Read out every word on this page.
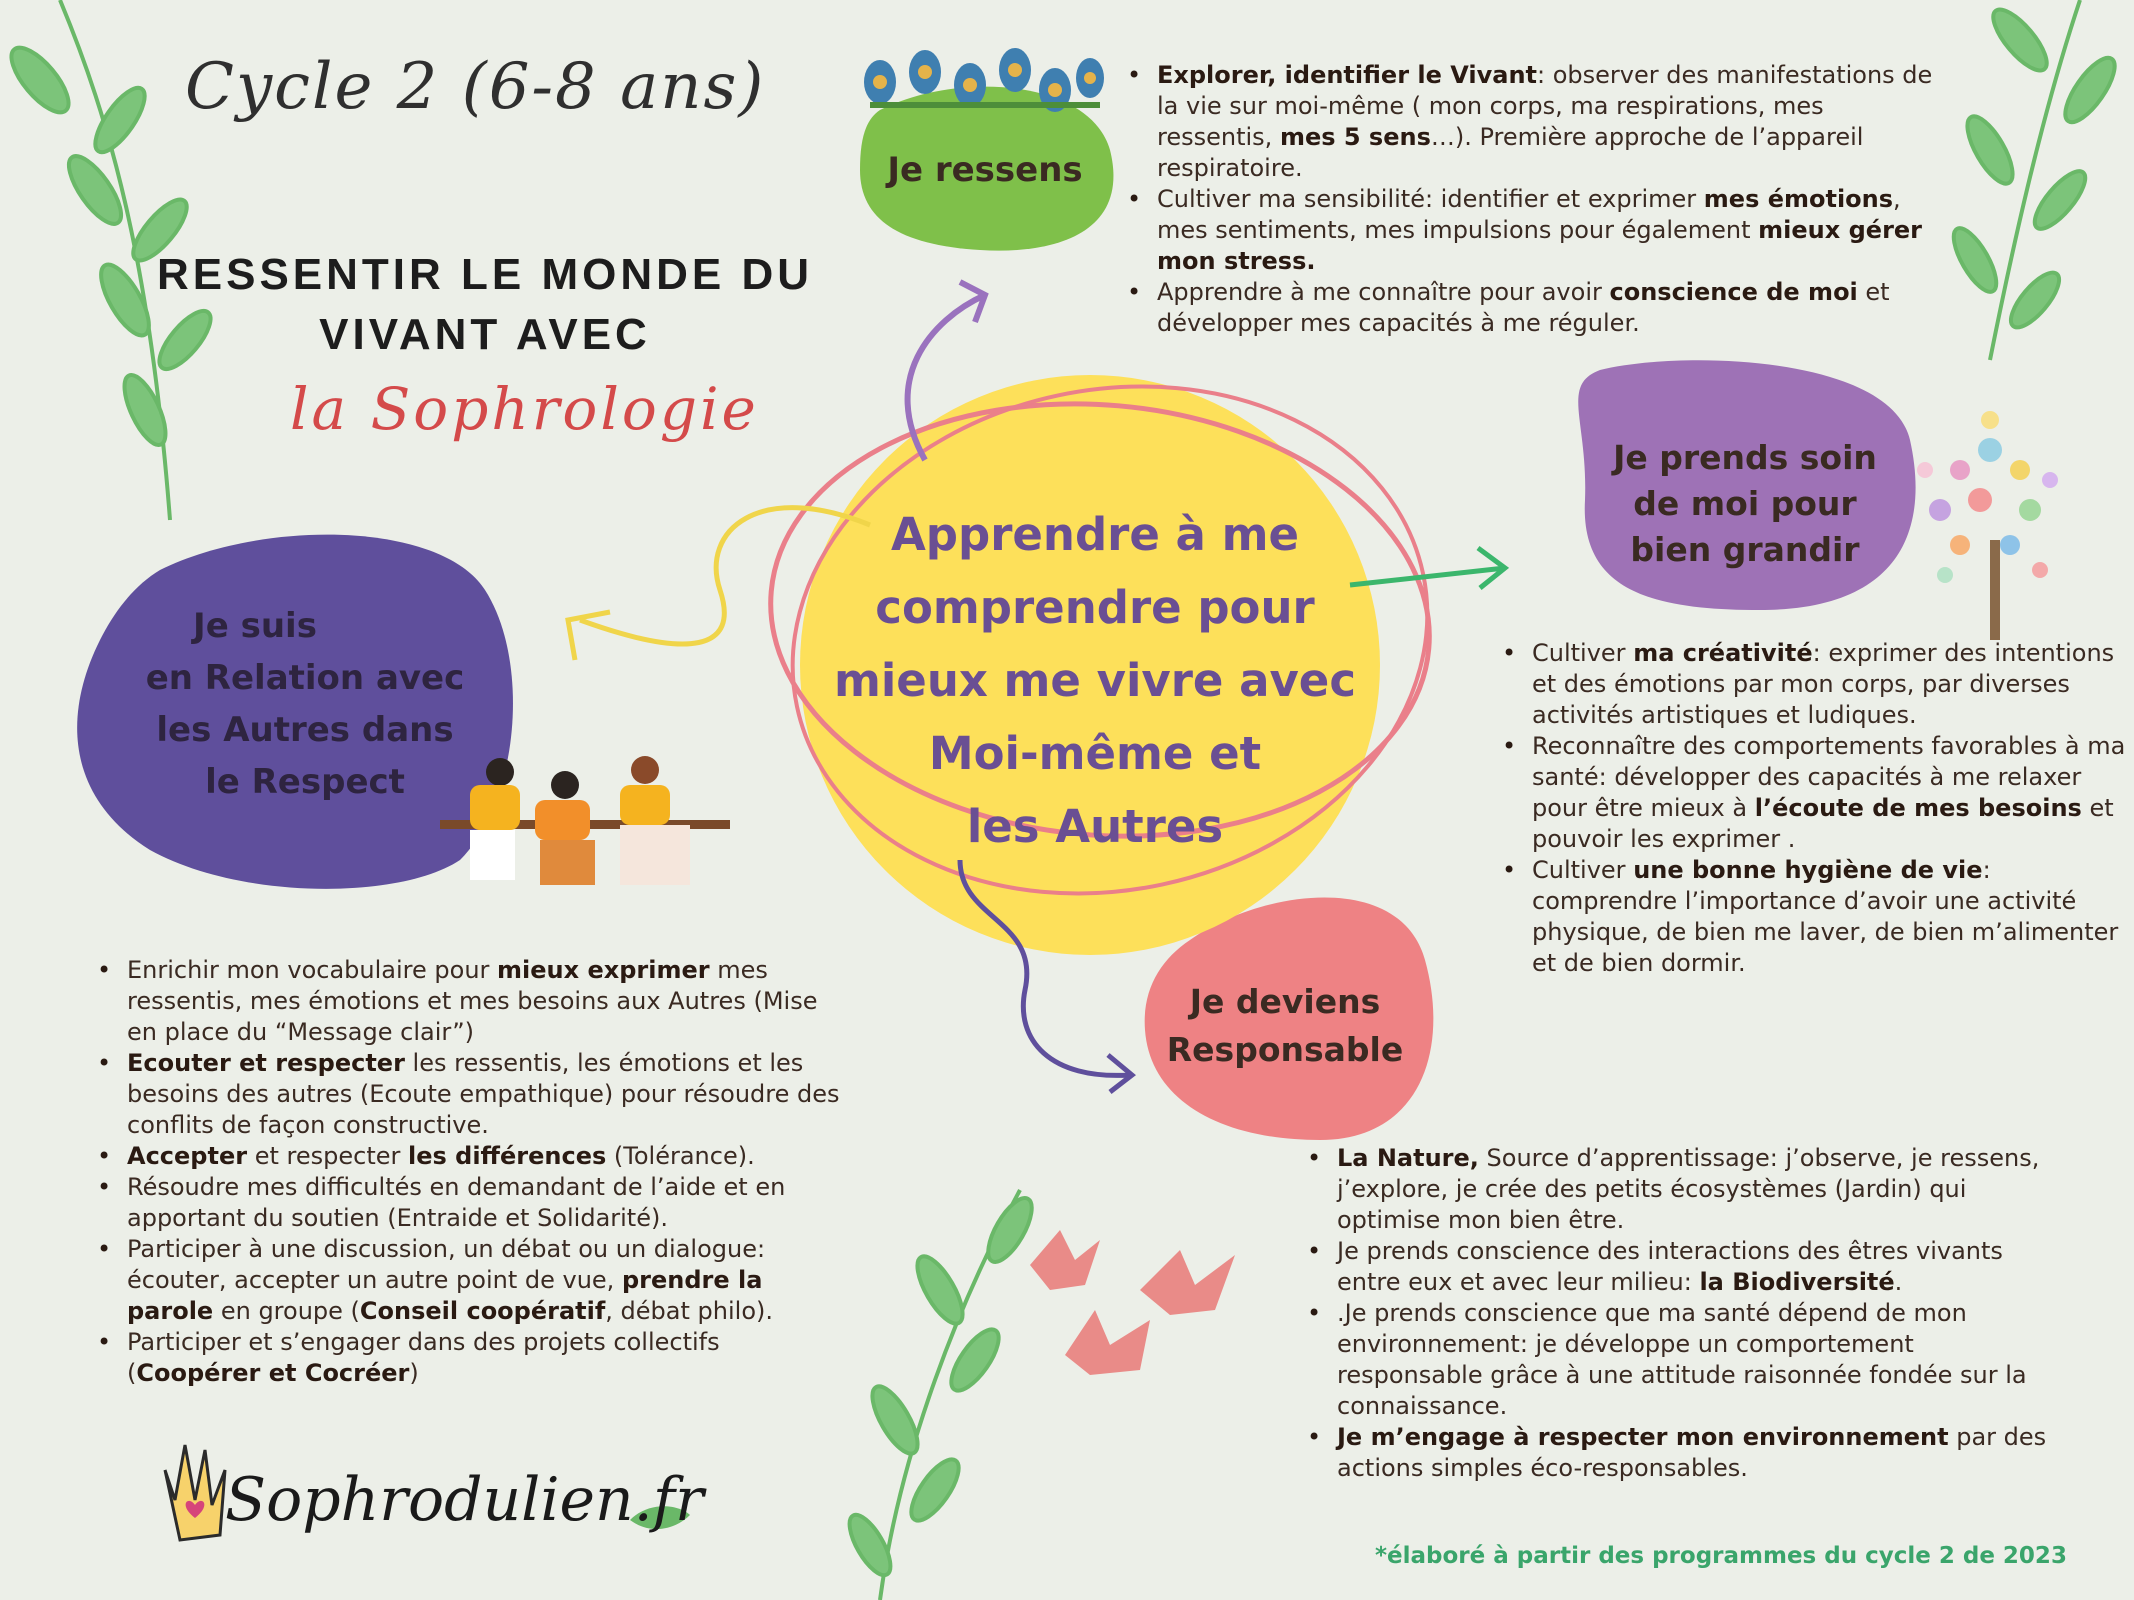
Cycle 2 (6-8 ans)
RESSENTIR LE MONDE DU
VIVANT AVEC
la Sophrologie
Je ressens
Je prends soin
de moi pour
bien grandir
Je suis
en Relation avec
les Autres dans
le Respect
Je deviens
Responsable
Apprendre à me
comprendre pour
mieux me vivre avec
Moi-même et
les Autres
• Explorer, identifier le Vivant: observer des manifestations de la vie sur moi-même ( mon corps, ma respirations, mes ressentis, mes 5 sens…). Première approche de l’appareil respiratoire.
• Cultiver ma sensibilité: identifier et exprimer mes émotions, mes sentiments, mes impulsions pour également mieux gérer mon stress.
• Apprendre à me connaître pour avoir conscience de moi et développer mes capacités à me réguler.
• Cultiver ma créativité: exprimer des intentions et des émotions par mon corps, par diverses activités artistiques et ludiques.
• Reconnaître des comportements favorables à ma santé: développer des capacités à me relaxer pour être mieux à l’écoute de mes besoins et pouvoir les exprimer .
• Cultiver une bonne hygiène de vie: comprendre l’importance d’avoir une activité physique, de bien me laver, de bien m’alimenter et de bien dormir.
• Enrichir mon vocabulaire pour mieux exprimer mes ressentis, mes émotions et mes besoins aux Autres (Mise en place du “Message clair”)
• Ecouter et respecter les ressentis, les émotions et les besoins des autres (Ecoute empathique) pour résoudre des conflits de façon constructive.
• Accepter et respecter les différences (Tolérance).
• Résoudre mes difficultés en demandant de l’aide et en apportant du soutien (Entraide et Solidarité).
• Participer à une discussion, un débat ou un dialogue: écouter, accepter un autre point de vue, prendre la parole en groupe (Conseil coopératif, débat philo).
• Participer et s’engager dans des projets collectifs (Coopérer et Cocréer)
• La Nature, Source d’apprentissage: j’observe, je ressens, j’explore, je crée des petits écosystèmes (Jardin) qui optimise mon bien être.
• Je prends conscience des interactions des êtres vivants entre eux et avec leur milieu: la Biodiversité.
• .Je prends conscience que ma santé dépend de mon environnement: je développe un comportement responsable grâce à une attitude raisonnée fondée sur la connaissance.
• Je m’engage à respecter mon environnement par des actions simples éco-responsables.
Sophrodulien.fr
*élaboré à partir des programmes du cycle 2 de 2023
